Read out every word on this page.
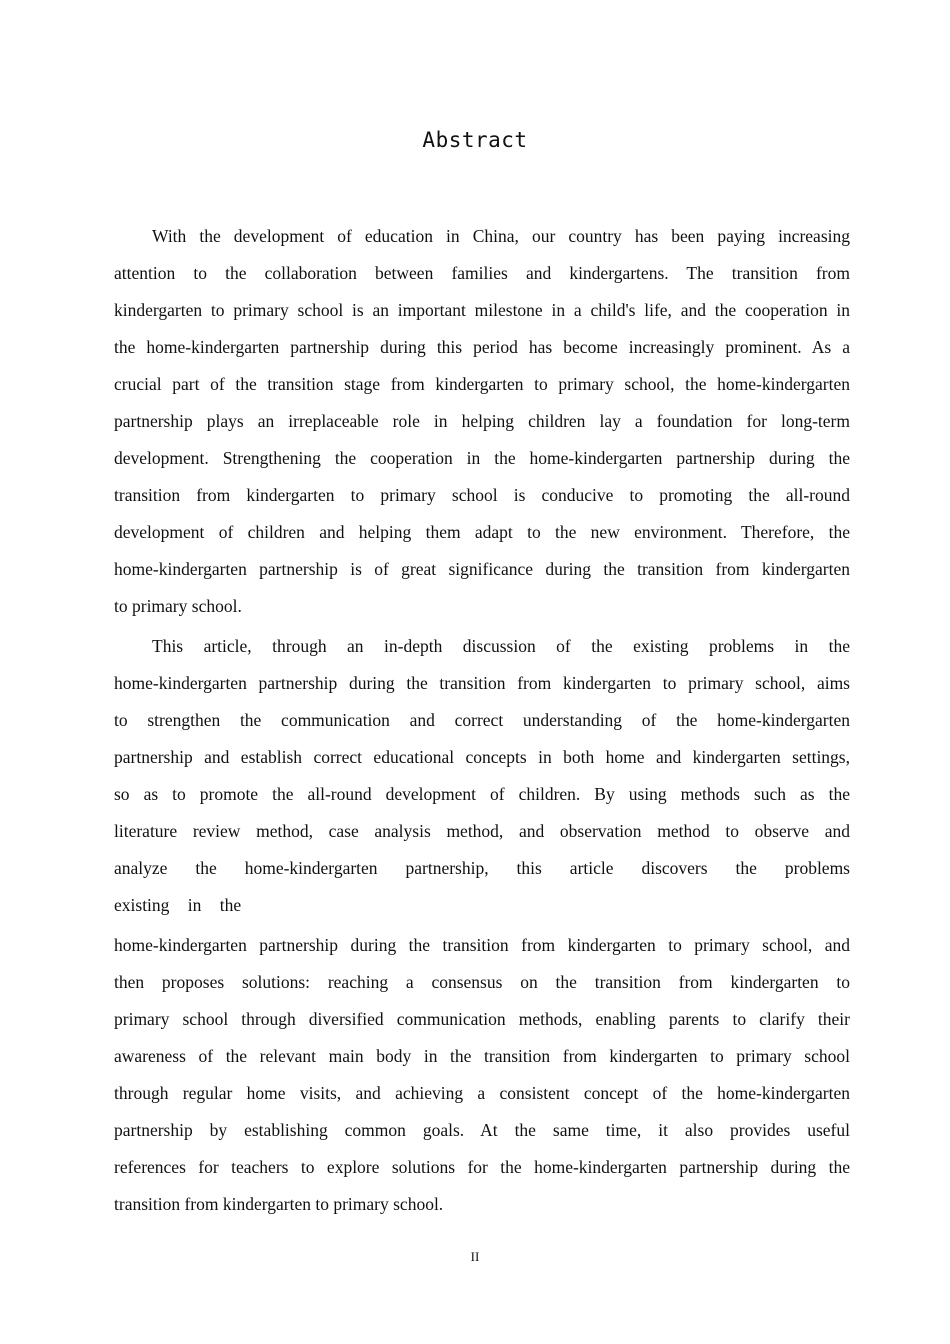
Abstract
With the development of education in China, our country has been paying increasing
attention to the collaboration between families and kindergartens. The transition from
kindergarten to primary school is an important milestone in a child's life, and the cooperation in
the home-kindergarten partnership during this period has become increasingly prominent. As a
crucial part of the transition stage from kindergarten to primary school, the home-kindergarten
partnership plays an irreplaceable role in helping children lay a foundation for long-term
development. Strengthening the cooperation in the home-kindergarten partnership during the
transition from kindergarten to primary school is conducive to promoting the all-round
development of children and helping them adapt to the new environment. Therefore, the
home-kindergarten partnership is of great significance during the transition from kindergarten
to primary school.
This article, through an in-depth discussion of the existing problems in the
home-kindergarten partnership during the transition from kindergarten to primary school, aims
to strengthen the communication and correct understanding of the home-kindergarten
partnership and establish correct educational concepts in both home and kindergarten settings,
so as to promote the all-round development of children. By using methods such as the
literature review method, case analysis method, and observation method to observe and
analyze the home-kindergarten partnership, this article discovers the problems
existing in the
home-kindergarten partnership during the transition from kindergarten to primary school, and
then proposes solutions: reaching a consensus on the transition from kindergarten to
primary school through diversified communication methods, enabling parents to clarify their
awareness of the relevant main body in the transition from kindergarten to primary school
through regular home visits, and achieving a consistent concept of the home-kindergarten
partnership by establishing common goals. At the same time, it also provides useful
references for teachers to explore solutions for the home-kindergarten partnership during the
transition from kindergarten to primary school.
II
